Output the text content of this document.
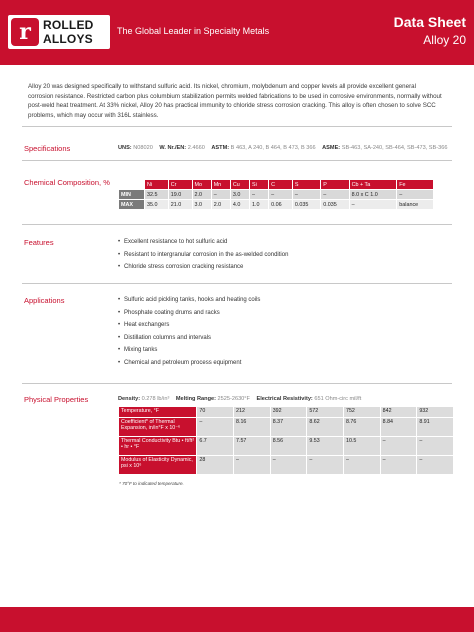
r	ROLLED
ALLOYS
The Global Leader in Specialty Metals
Data Sheet
Alloy 20
Alloy 20 was designed specifically to withstand sulfuric acid. Its nickel, chromium, molybdenum and copper levels all provide excellent general corrosion resistance. Restricted carbon plus columbium stabilization permits welded fabrications to be used in corrosive environments, normally without post-weld heat treatment. At 33% nickel, Alloy 20 has practical immunity to chloride stress corrosion cracking. This alloy is often chosen to solve SCC problems, which may occur with 316L stainless.
Specifications	UNS: N08020 W. Nr./EN: 2.4660 ASTM: B 463, A 240, B 464, B 473, B 366 ASME: SB-463, SA-240, SB-464, SB-473, SB-366
Chemical Composition, %
		Ni	Cr	Mo	Mn	Cu	Si	C	S	P	Cb + Ta	Fe
MIN	32.5	19.0	2.0	–	3.0	–	–	–	–	8.0 x C 1.0	–
MAX	35.0	21.0	3.0	2.0	4.0	1.0	0.06	0.035	0.035	–	balance
Features	• Excellent resistance to hot sulfuric acid
• Resistant to intergranular corrosion in the as-welded condition
• Chloride stress corrosion cracking resistance
Applications	• Sulfuric acid pickling tanks, hooks and heating coils
• Phosphate coating drums and racks
• Heat exchangers
• Distillation columns and intervals
• Mixing tanks
• Chemical and petroleum process equipment
Physical Properties	Density: 0.278 lb/in³ Melting Range: 2525-2630°F Electrical Resistivity: 651 Ohm-circ mil/ft
Temperature, °F	70	212	392	572	752	842	932
Coefficient* of Thermal Expansion, in/in°F x 10⁻⁶	–	8.16	8.37	8.62	8.76	8.84	8.91
Thermal Conductivity Btu • ft/ft² • hr • °F	6.7	7.57	8.56	9.53	10.5	–	–
Modulus of Elasticity Dynamic, psi x 10⁶	28	–	–	–	–	–	–
* 70°F to indicated temperature.
